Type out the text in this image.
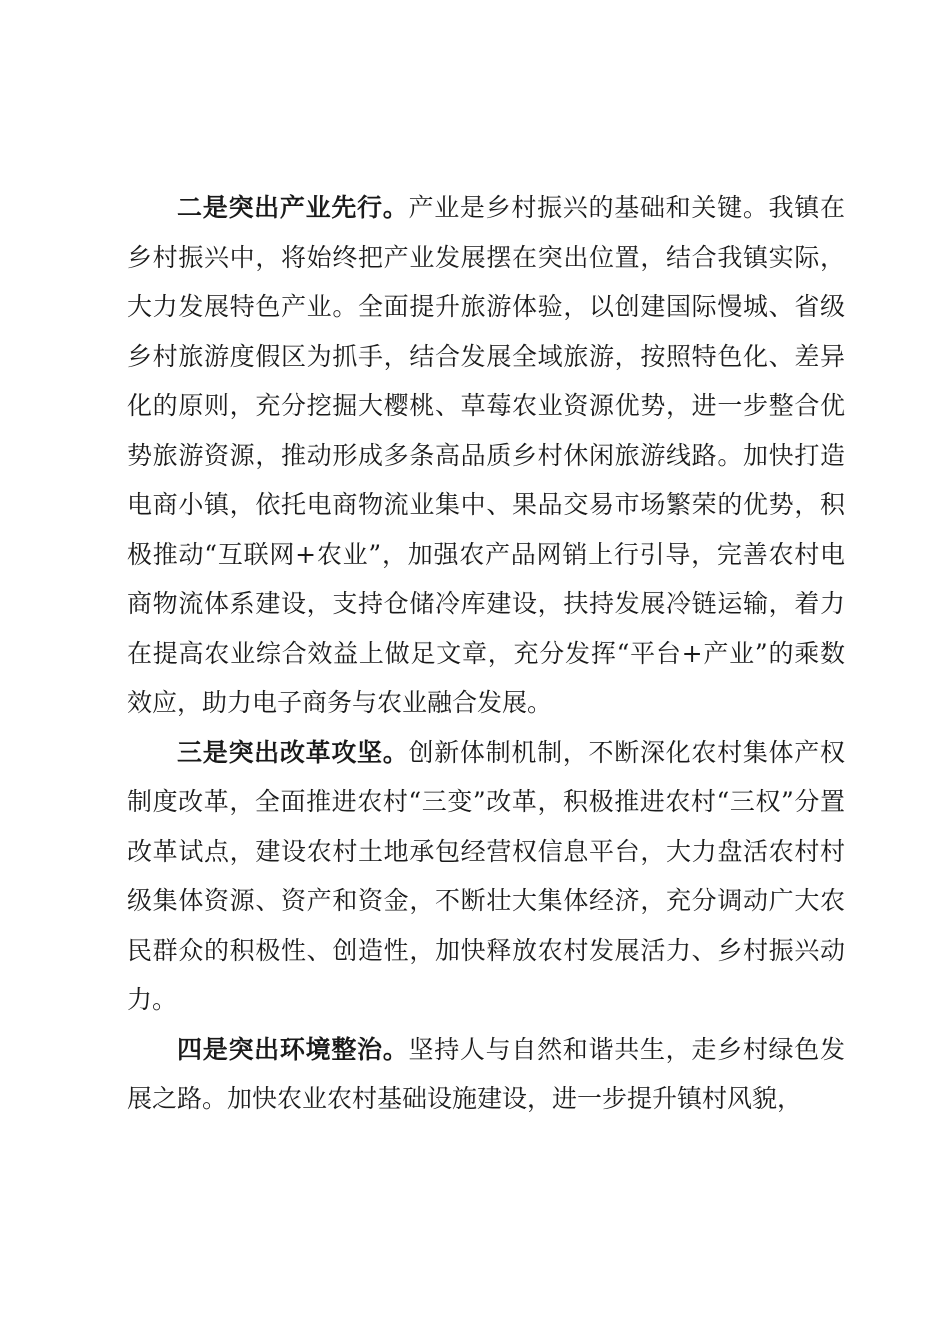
二是突出产业先行。产业是乡村振兴的基础和关键。我镇在乡村振兴中，将始终把产业发展摆在突出位置，结合我镇实际，大力发展特色产业。全面提升旅游体验，以创建国际慢城、省级乡村旅游度假区为抓手，结合发展全域旅游，按照特色化、差异化的原则，充分挖掘大樱桃、草莓农业资源优势，进一步整合优势旅游资源，推动形成多条高品质乡村休闲旅游线路。加快打造电商小镇，依托电商物流业集中、果品交易市场繁荣的优势，积极推动“互联网+农业”，加强农产品网销上行引导，完善农村电商物流体系建设，支持仓储冷库建设，扶持发展冷链运输，着力在提高农业综合效益上做足文章，充分发挥“平台+产业”的乘数效应，助力电子商务与农业融合发展。

三是突出改革攻坚。创新体制机制，不断深化农村集体产权制度改革，全面推进农村“三变”改革，积极推进农村“三权”分置改革试点，建设农村土地承包经营权信息平台，大力盘活农村村级集体资源、资产和资金，不断壮大集体经济，充分调动广大农民群众的积极性、创造性，加快释放农村发展活力、乡村振兴动力。

四是突出环境整治。坚持人与自然和谐共生，走乡村绿色发展之路。加快农业农村基础设施建设，进一步提升镇村风貌，
